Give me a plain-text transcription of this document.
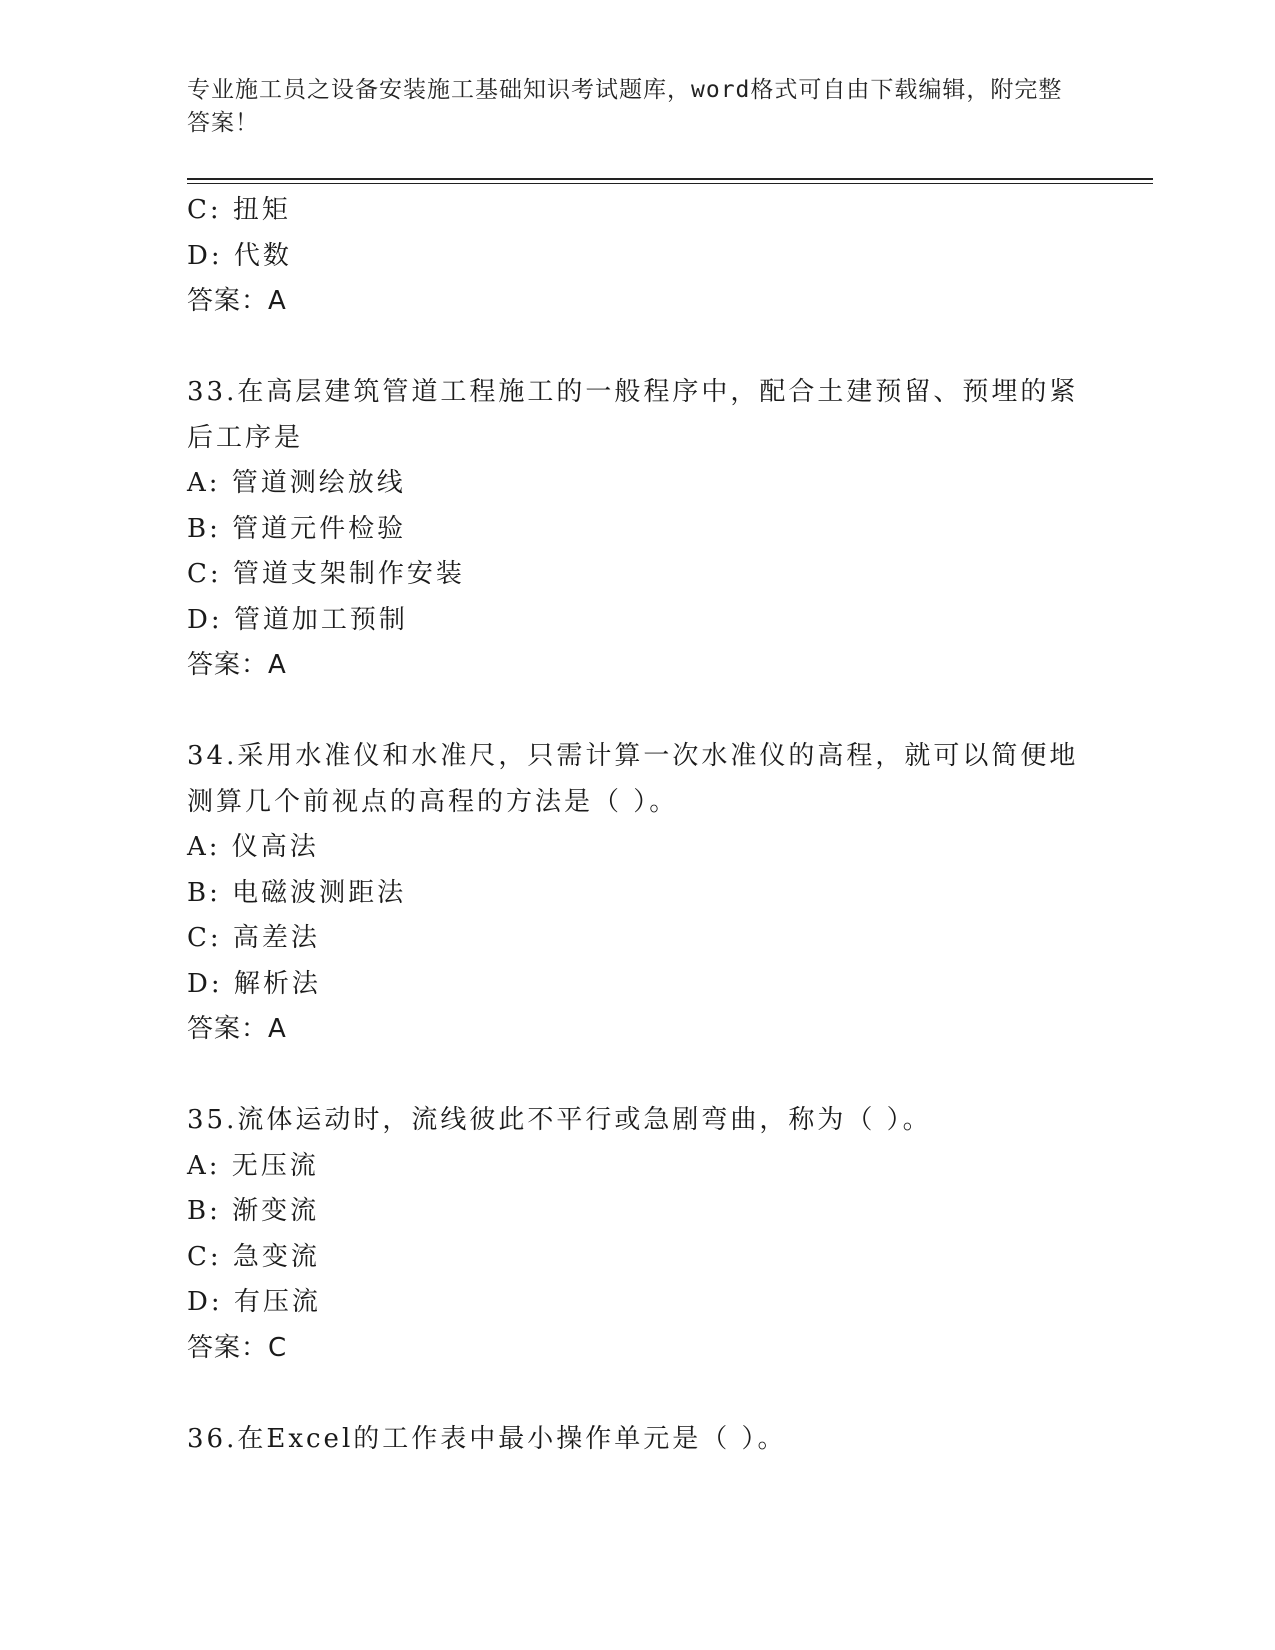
专业施工员之设备安装施工基础知识考试题库，word格式可自由下载编辑，附完整答案！
C: 扭矩
D: 代数
答案：A
33.在高层建筑管道工程施工的一般程序中，配合土建预留、预埋的紧
后工序是
A: 管道测绘放线
B: 管道元件检验
C: 管道支架制作安装
D: 管道加工预制
答案：A
34.采用水准仪和水准尺，只需计算一次水准仪的高程，就可以简便地
测算几个前视点的高程的方法是（ ）。
A: 仪高法
B: 电磁波测距法
C: 高差法
D: 解析法
答案：A
35.流体运动时，流线彼此不平行或急剧弯曲，称为（ ）。
A: 无压流
B: 渐变流
C: 急变流
D: 有压流
答案：C
36.在Excel的工作表中最小操作单元是（ ）。
